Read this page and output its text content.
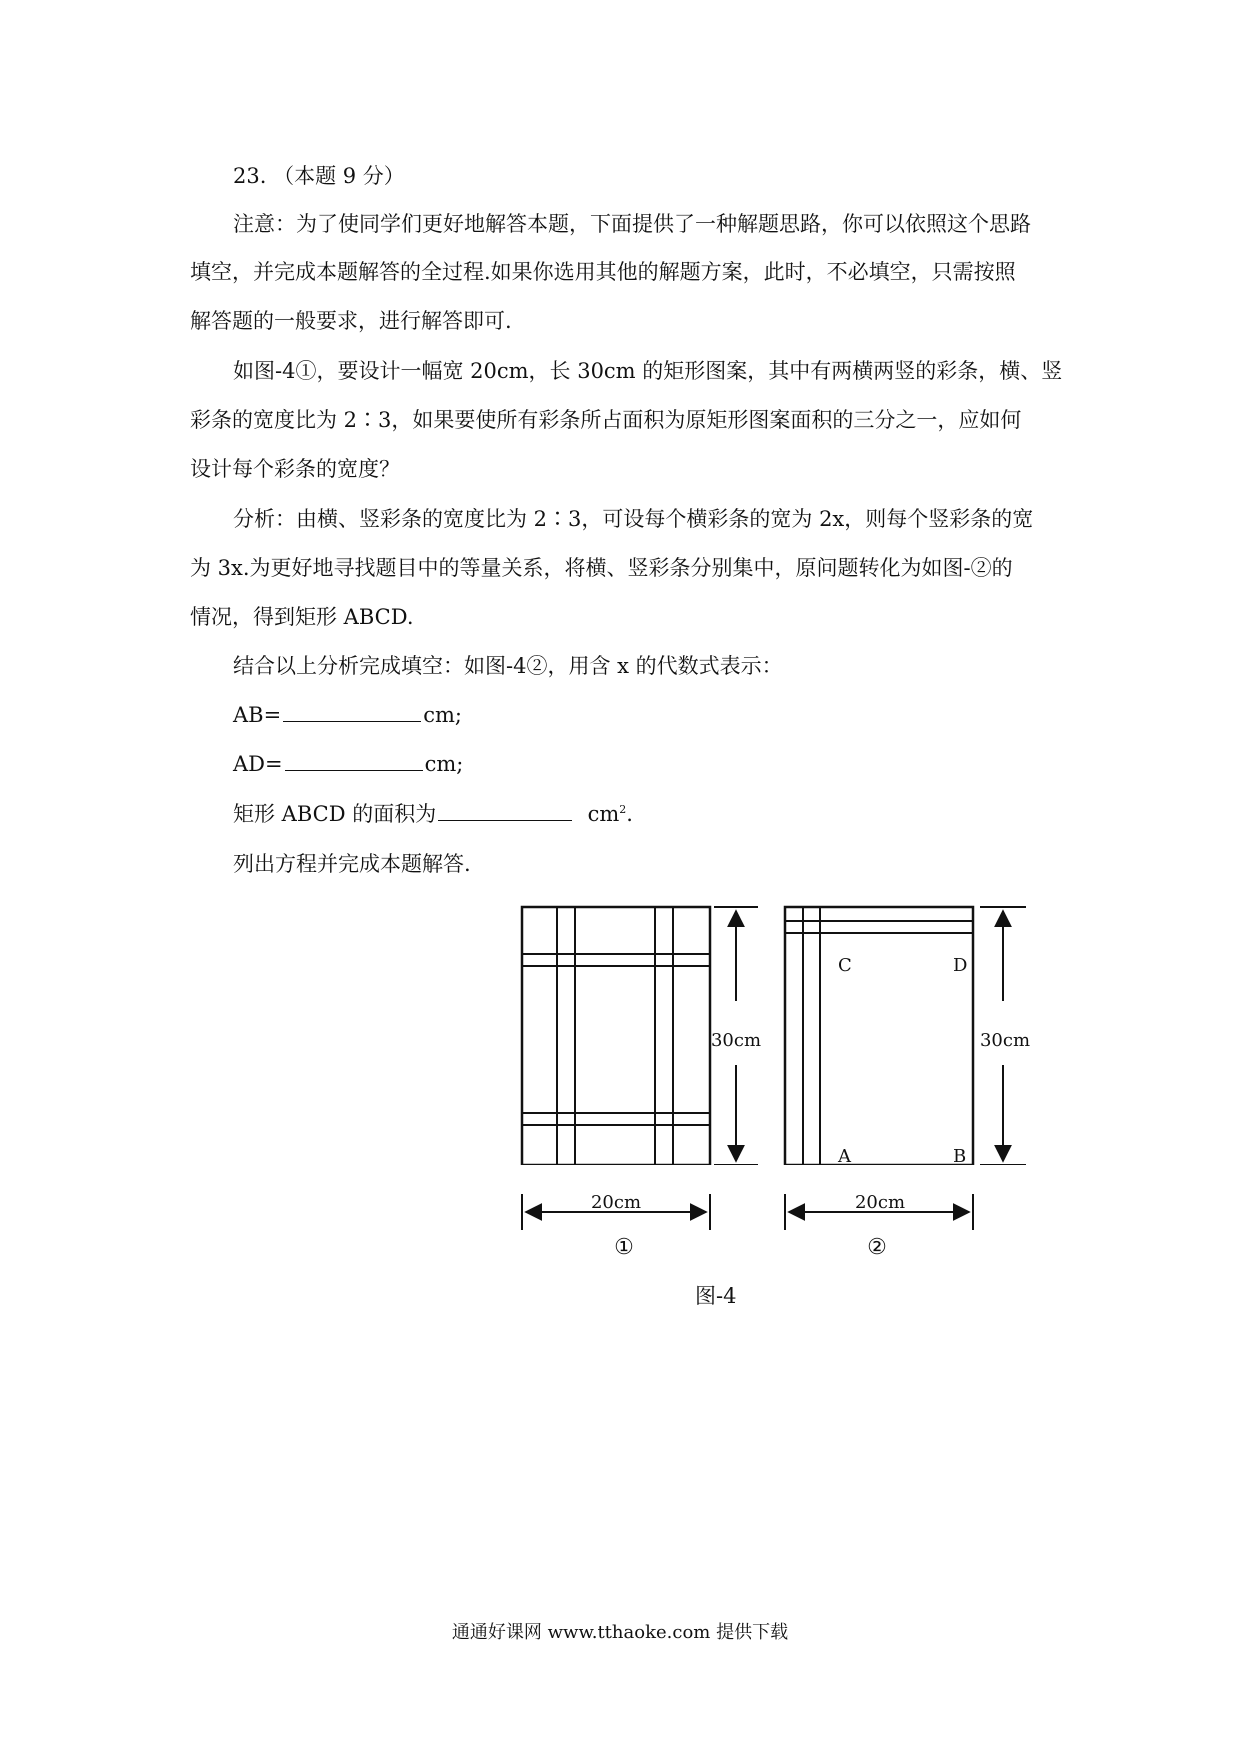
23. （本题 9 分）
注意：为了使同学们更好地解答本题，下面提供了一种解题思路，你可以依照这个思路
填空，并完成本题解答的全过程.如果你选用其他的解题方案，此时，不必填空，只需按照
解答题的一般要求，进行解答即可.
如图-4①，要设计一幅宽 20cm，长 30cm 的矩形图案，其中有两横两竖的彩条，横、竖
彩条的宽度比为 2∶3，如果要使所有彩条所占面积为原矩形图案面积的三分之一，应如何
设计每个彩条的宽度？
分析：由横、竖彩条的宽度比为 2∶3，可设每个横彩条的宽为 2x，则每个竖彩条的宽
为 3x.为更好地寻找题目中的等量关系，将横、竖彩条分别集中，原问题转化为如图-②的
情况，得到矩形 ABCD.
结合以上分析完成填空：如图-4②，用含 x 的代数式表示：
AB=	cm;
AD=	cm;
矩形 ABCD 的面积为	$cm^2$.
列出方程并完成本题解答.
30cm
C	D
A	B
30cm
20cm
①
20cm
②
图-4
通通好课网 www.tthaoke.com 提供下载
